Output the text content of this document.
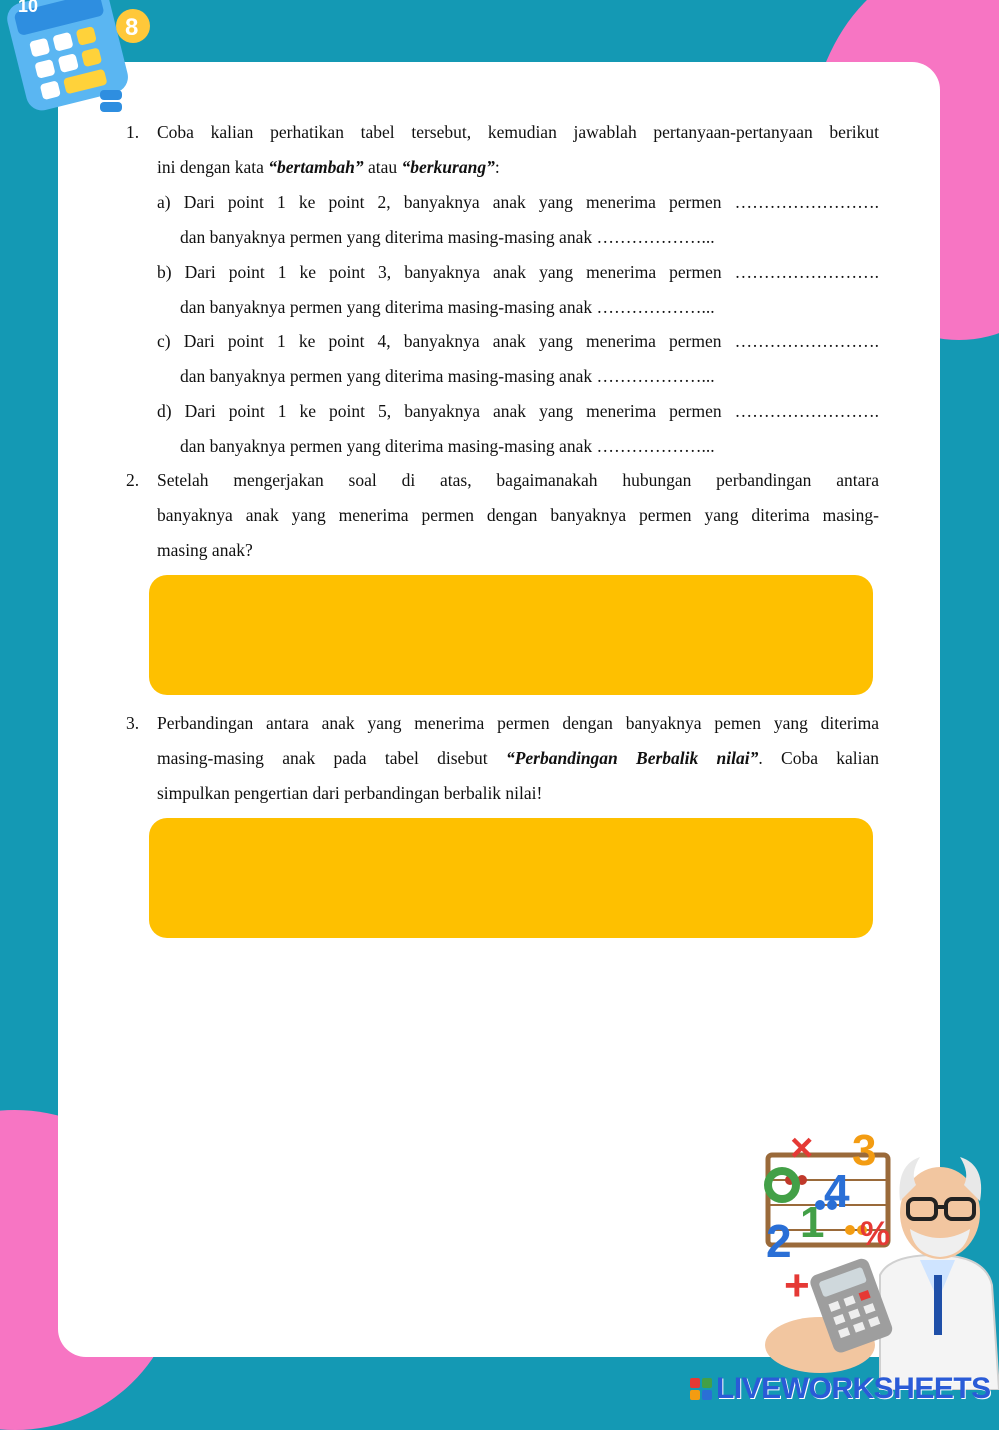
10
8
1. Coba kalian perhatikan tabel tersebut, kemudian jawablah pertanyaan-pertanyaan berikut
ini dengan kata “bertambah” atau “berkurang”:
a) Dari point 1 ke point 2, banyaknya anak yang menerima permen …………………….
dan banyaknya permen yang diterima masing-masing anak ………………...
b) Dari point 1 ke point 3, banyaknya anak yang menerima permen …………………….
dan banyaknya permen yang diterima masing-masing anak ………………...
c) Dari point 1 ke point 4, banyaknya anak yang menerima permen …………………….
dan banyaknya permen yang diterima masing-masing anak ………………...
d) Dari point 1 ke point 5, banyaknya anak yang menerima permen …………………….
dan banyaknya permen yang diterima masing-masing anak ………………...
2. Setelah mengerjakan soal di atas, bagaimanakah hubungan perbandingan antara
banyaknya anak yang menerima permen dengan banyaknya permen yang diterima masing-
masing anak?
3. Perbandingan antara anak yang menerima permen dengan banyaknya pemen yang diterima
masing-masing anak pada tabel disebut “Perbandingan Berbalik nilai”. Coba kalian
simpulkan pengertian dari perbandingan berbalik nilai!
× 3
4
1
2 %
+
LIVEWORKSHEETS
